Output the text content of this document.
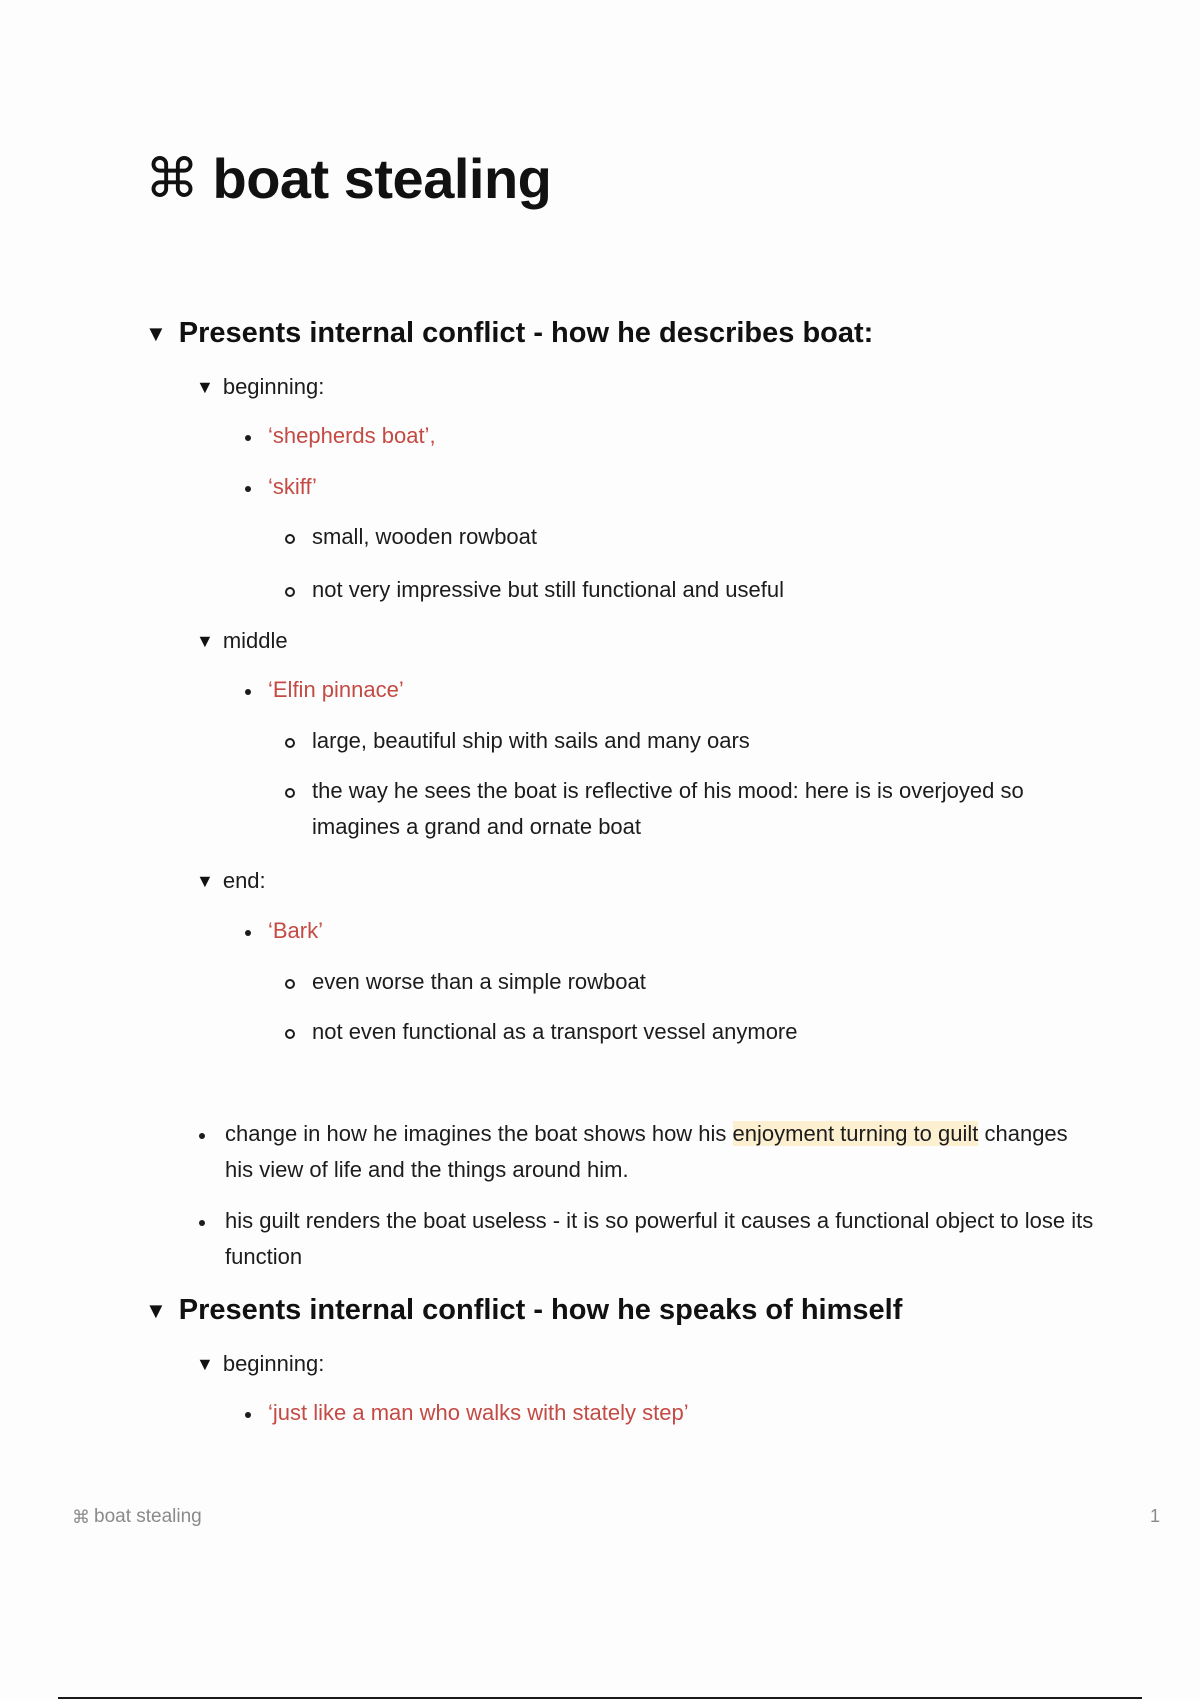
⌘ boat stealing
▼ Presents internal conflict - how he describes boat:
▼ beginning:
‘shepherds boat’,
‘skiff’
small, wooden rowboat
not very impressive but still functional and useful
▼ middle
‘Elfin pinnace’
large, beautiful ship with sails and many oars
the way he sees the boat is reflective of his mood: here is is overjoyed so imagines a grand and ornate boat
▼ end:
‘Bark’
even worse than a simple rowboat
not even functional as a transport vessel anymore
change in how he imagines the boat shows how his enjoyment turning to guilt changes his view of life and the things around him.
his guilt renders the boat useless - it is so powerful it causes a functional object to lose its function
▼ Presents internal conflict - how he speaks of himself
▼ beginning:
‘just like a man who walks with stately step’
⌘ boat stealing	1
